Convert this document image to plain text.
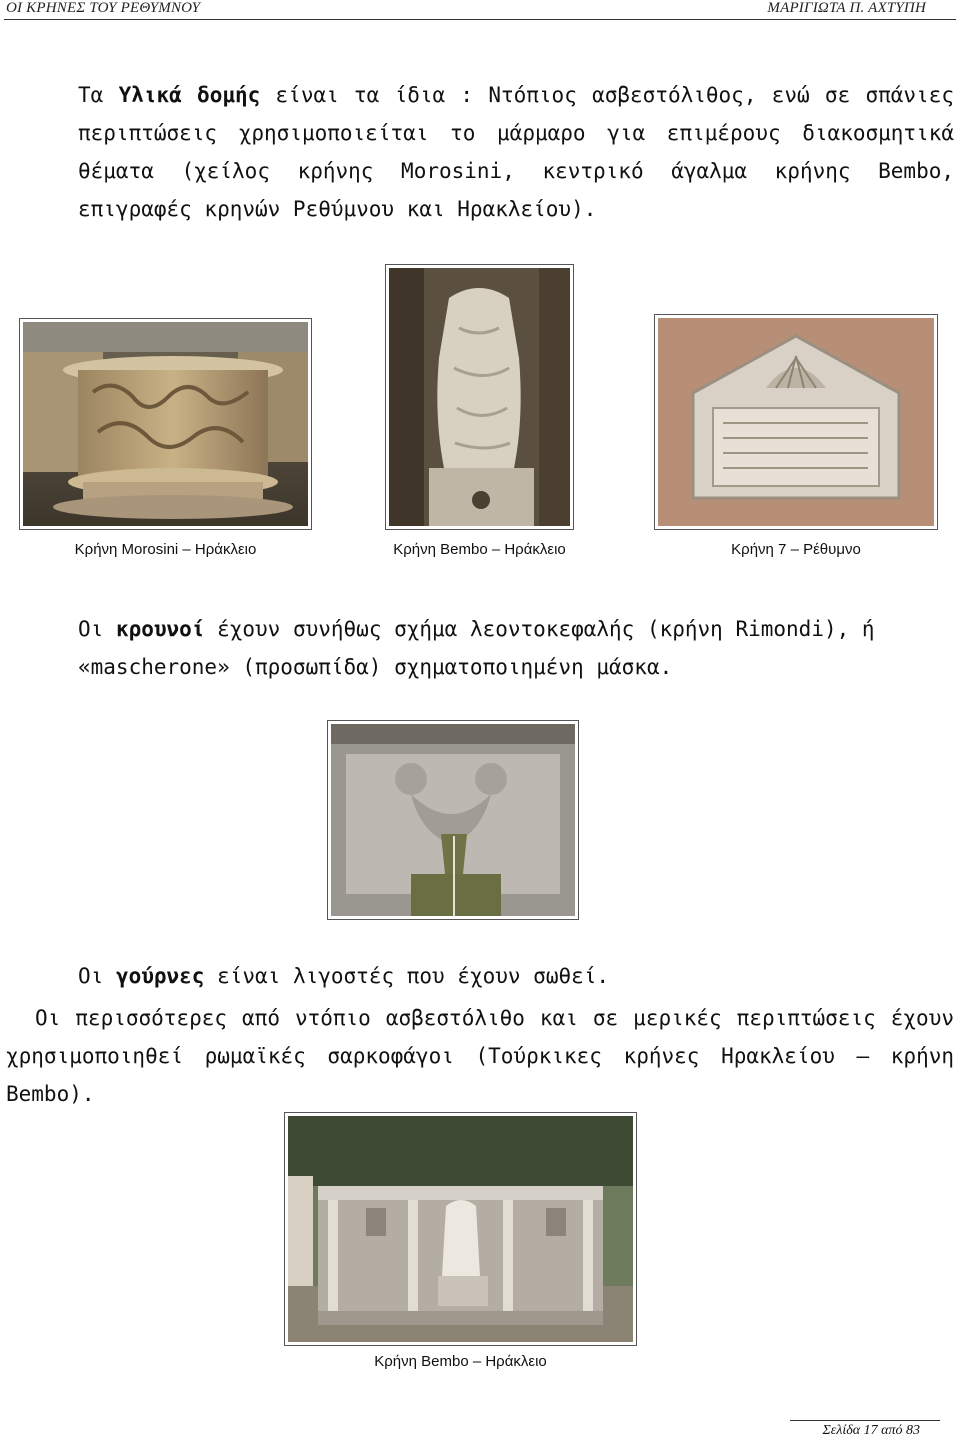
ΟΙ ΚΡΗΝΕΣ ΤΟΥ ΡΕΘΥΜΝΟΥ	ΜΑΡΙΓΙΩΤΑ Π. ΑΧΤΥΠΗ
Τα Υλικά δομής είναι τα ίδια : Ντόπιος ασβεστόλιθος, ενώ σε σπάνιες περιπτώσεις χρησιμοποιείται το μάρμαρο για επιμέρους διακοσμητικά θέματα (χείλος κρήνης Morosini, κεντρικό άγαλμα κρήνης Bembo, επιγραφές κρηνών Ρεθύμνου και Ηρακλείου).
Κρήνη Morosini – Ηράκλειο	Κρήνη Bembo – Ηράκλειο	Κρήνη 7 – Ρέθυμνο
Οι κρουνοί έχουν συνήθως σχήμα λεοντοκεφαλής (κρήνη Rimondi), ή «mascherone» (προσωπίδα) σχηματοποιημένη μάσκα.
Οι γούρνες είναι λιγοστές που έχουν σωθεί.
Οι περισσότερες από ντόπιο ασβεστόλιθο και σε μερικές περιπτώσεις έχουν χρησιμοποιηθεί ρωμαϊκές σαρκοφάγοι (Τούρκικες κρήνες Ηρακλείου – κρήνη Bembo).
Κρήνη Bembo – Ηράκλειο
Σελίδα 17 από 83
